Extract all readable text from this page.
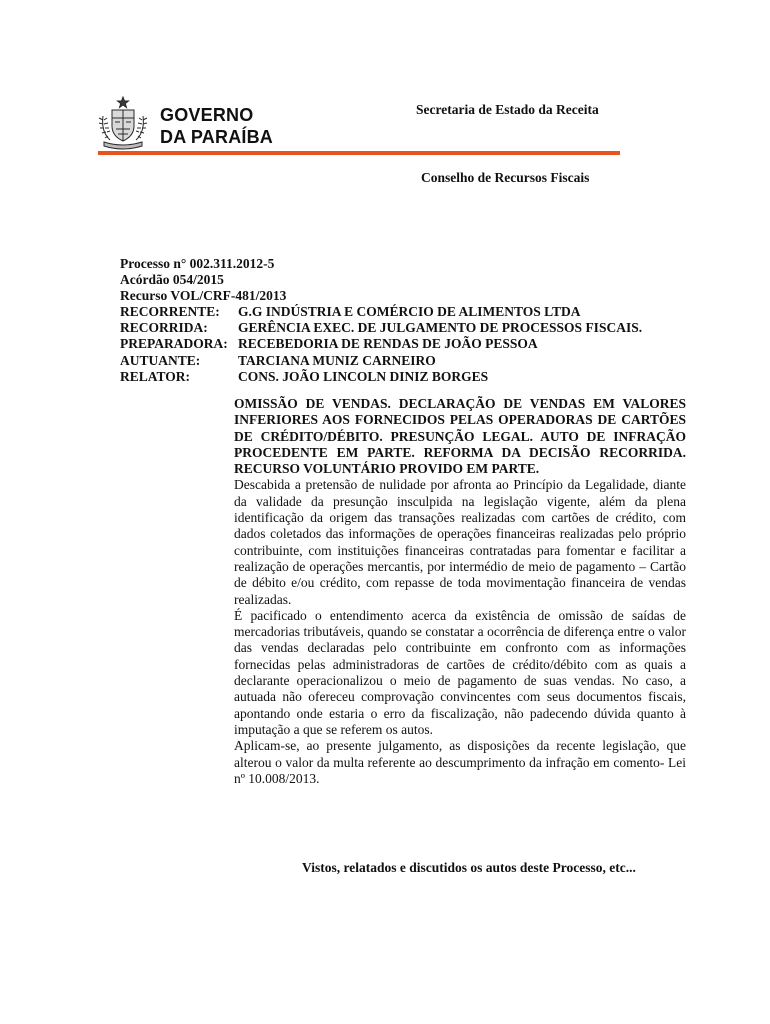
GOVERNO
DA PARAÍBA
Secretaria de Estado da Receita
Conselho de Recursos Fiscais
Processo n° 002.311.2012-5
Acórdão 054/2015
Recurso VOL/CRF-481/2013
RECORRENTE:	G.G INDÚSTRIA E COMÉRCIO DE ALIMENTOS LTDA
RECORRIDA:	GERÊNCIA EXEC. DE JULGAMENTO DE PROCESSOS FISCAIS.
PREPARADORA: RECEBEDORIA DE RENDAS DE JOÃO PESSOA
AUTUANTE:	TARCIANA MUNIZ CARNEIRO
RELATOR:	CONS. JOÃO LINCOLN DINIZ BORGES

OMISSÃO DE VENDAS. DECLARAÇÃO DE VENDAS EM VALORES INFERIORES AOS FORNECIDOS PELAS OPERADORAS DE CARTÕES DE CRÉDITO/DÉBITO. PRESUNÇÃO LEGAL. AUTO DE INFRAÇÃO PROCEDENTE EM PARTE. REFORMA DA DECISÃO RECORRIDA. RECURSO VOLUNTÁRIO PROVIDO EM PARTE.

Descabida a pretensão de nulidade por afronta ao Princípio da Legalidade, diante da validade da presunção insculpida na legislação vigente, além da plena identificação da origem das transações realizadas com cartões de crédito, com dados coletados das informações de operações financeiras realizadas pelo próprio contribuinte, com instituições financeiras contratadas para fomentar e facilitar a realização de operações mercantis, por intermédio de meio de pagamento – Cartão de débito e/ou crédito, com repasse de toda movimentação financeira de vendas realizadas.

É pacificado o entendimento acerca da existência de omissão de saídas de mercadorias tributáveis, quando se constatar a ocorrência de diferença entre o valor das vendas declaradas pelo contribuinte em confronto com as informações fornecidas pelas administradoras de cartões de crédito/débito com as quais a declarante operacionalizou o meio de pagamento de suas vendas. No caso, a autuada não ofereceu comprovação convincentes com seus documentos fiscais, apontando onde estaria o erro da fiscalização, não padecendo dúvida quanto à imputação a que se referem os autos.

Aplicam-se, ao presente julgamento, as disposições da recente legislação, que alterou o valor da multa referente ao descumprimento da infração em comento- Lei nº 10.008/2013.

Vistos, relatados e discutidos os autos deste Processo, etc...
